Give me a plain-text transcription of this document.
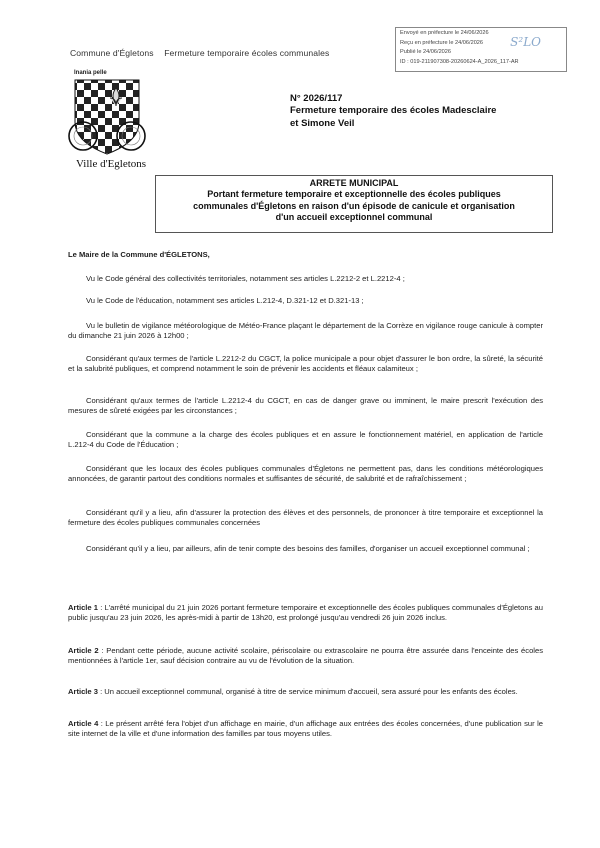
Commune d'Égletons Fermeture temporaire écoles communales
Envoyé en préfecture le 24/06/2026
Reçu en préfecture le 24/06/2026
Publié le 24/06/2026
ID : 019-211907308-20260624-A_2026_117-AR
S²LO
Inania pelle
Ville d'Egletons
N° 2026/117
Fermeture temporaire des écoles Madesclaire
et Simone Veil
ARRETE MUNICIPAL
Portant fermeture temporaire et exceptionnelle des écoles publiques
communales d'Égletons en raison d'un épisode de canicule et organisation
d'un accueil exceptionnel communal
Le Maire de la Commune d'ÉGLETONS,
Vu le Code général des collectivités territoriales, notamment ses articles L.2212-2 et L.2212-4 ;
Vu le Code de l'éducation, notamment ses articles L.212-4, D.321-12 et D.321-13 ;
Vu le bulletin de vigilance météorologique de Météo-France plaçant le département de la Corrèze en vigilance rouge canicule à compter du dimanche 21 juin 2026 à 12h00 ;
Considérant qu'aux termes de l'article L.2212-2 du CGCT, la police municipale a pour objet d'assurer le bon ordre, la sûreté, la sécurité et la salubrité publiques, et comprend notamment le soin de prévenir les accidents et fléaux calamiteux ;
Considérant qu'aux termes de l'article L.2212-4 du CGCT, en cas de danger grave ou imminent, le maire prescrit l'exécution des mesures de sûreté exigées par les circonstances ;
Considérant que la commune a la charge des écoles publiques et en assure le fonctionnement matériel, en application de l'article L.212-4 du Code de l'Éducation ;
Considérant que les locaux des écoles publiques communales d'Égletons ne permettent pas, dans les conditions météorologiques annoncées, de garantir partout des conditions normales et suffisantes de sécurité, de salubrité et de rafraîchissement ;
Considérant qu'il y a lieu, afin d'assurer la protection des élèves et des personnels, de prononcer à titre temporaire et exceptionnel la fermeture des écoles publiques communales concernées
Considérant qu'il y a lieu, par ailleurs, afin de tenir compte des besoins des familles, d'organiser un accueil exceptionnel communal ;
Article 1 : L'arrêté municipal du 21 juin 2026 portant fermeture temporaire et exceptionnelle des écoles publiques communales d'Égletons au public jusqu'au 23 juin 2026, les après-midi à partir de 13h20, est prolongé jusqu'au vendredi 26 juin 2026 inclus.
Article 2 : Pendant cette période, aucune activité scolaire, périscolaire ou extrascolaire ne pourra être assurée dans l'enceinte des écoles mentionnées à l'article 1er, sauf décision contraire au vu de l'évolution de la situation.
Article 3 : Un accueil exceptionnel communal, organisé à titre de service minimum d'accueil, sera assuré pour les enfants des écoles.
Article 4 : Le présent arrêté fera l'objet d'un affichage en mairie, d'un affichage aux entrées des écoles concernées, d'une publication sur le site internet de la ville et d'une information des familles par tous moyens utiles.
